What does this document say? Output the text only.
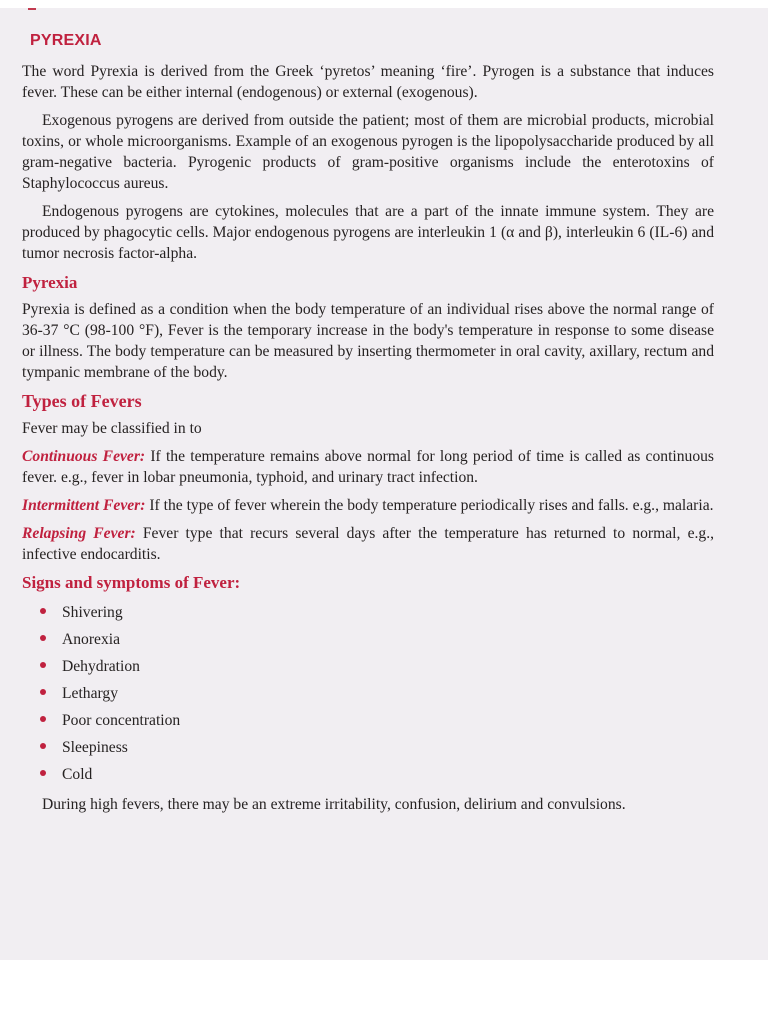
PYREXIA

The word Pyrexia is derived from the Greek ‘pyretos’ meaning ‘fire’. Pyrogen is a substance that induces fever. These can be either internal (endogenous) or external (exogenous).

Exogenous pyrogens are derived from outside the patient; most of them are microbial products, microbial toxins, or whole microorganisms. Example of an exogenous pyrogen is the lipopolysaccharide produced by all gram-negative bacteria. Pyrogenic products of gram-positive organisms include the enterotoxins of Staphylococcus aureus.

Endogenous pyrogens are cytokines, molecules that are a part of the innate immune system. They are produced by phagocytic cells. Major endogenous pyrogens are interleukin 1 (α and β), interleukin 6 (IL-6) and tumor necrosis factor-alpha.

Pyrexia

Pyrexia is defined as a condition when the body temperature of an individual rises above the normal range of 36-37 °C (98-100 °F), Fever is the temporary increase in the body's temperature in response to some disease or illness. The body temperature can be measured by inserting thermometer in oral cavity, axillary, rectum and tympanic membrane of the body.

Types of Fevers

Fever may be classified in to

Continuous Fever: If the temperature remains above normal for long period of time is called as continuous fever. e.g., fever in lobar pneumonia, typhoid, and urinary tract infection.

Intermittent Fever: If the type of fever wherein the body temperature periodically rises and falls. e.g., malaria.

Relapsing Fever: Fever type that recurs several days after the temperature has returned to normal, e.g., infective endocarditis.

Signs and symptoms of Fever:
Shivering
Anorexia
Dehydration
Lethargy
Poor concentration
Sleepiness
Cold

During high fevers, there may be an extreme irritability, confusion, delirium and convulsions.
